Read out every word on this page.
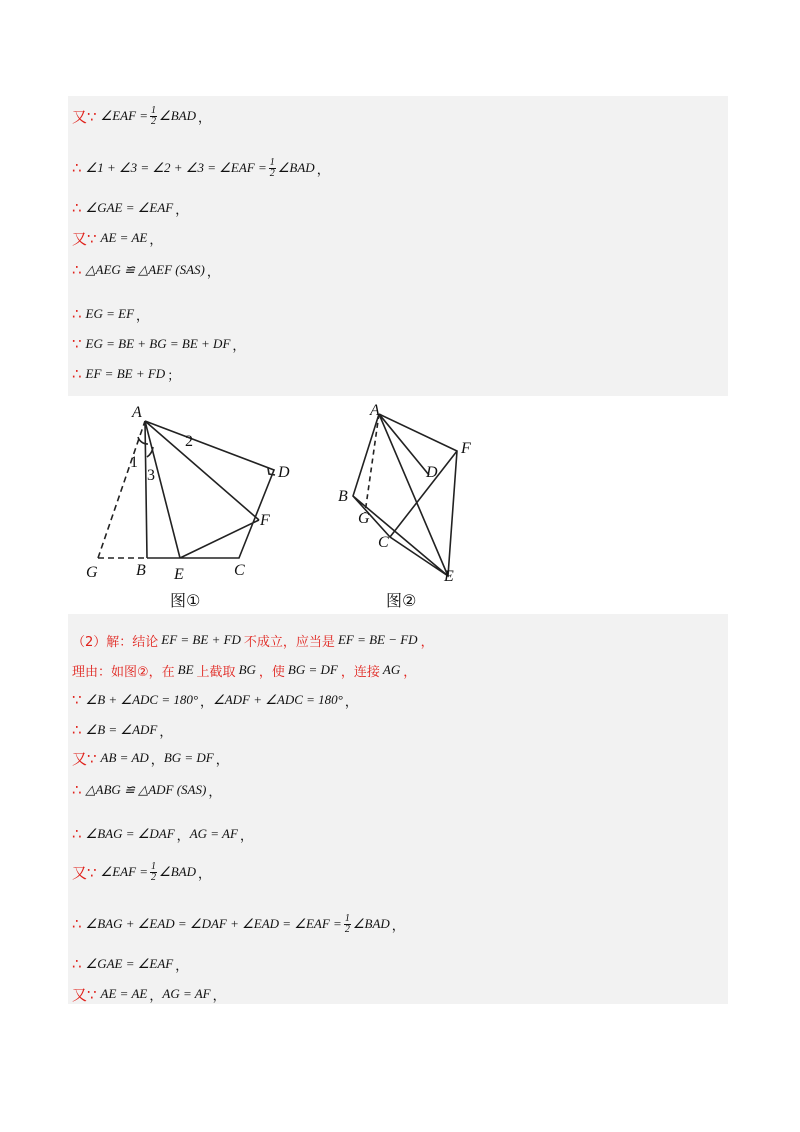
又∵ ∠EAF = $\frac{1}{2}$ ∠BAD ，
∴ ∠1 + ∠3 = ∠2 + ∠3 = ∠EAF = $\frac{1}{2}$ ∠BAD ，
∴ ∠GAE = ∠EAF ，
又∵ AE = AE ，
∴ △AEG ≌ △AEF (SAS) ，
∴ EG = EF ，
∵ EG = BE + BG = BE + DF ，
∴ EF = BE + FD ；
A
B	C
D
E
F
G
1
2
3
A
B
C
D
E
F
G
图①	图②
（2）解：结论 EF = BE + FD 不成立，应当是 EF = BE − FD ，
理由：如图②，在 BE 上截取 BG ，使 BG = DF ，连接 AG ，
∵ ∠B + ∠ADC = 180° ， ∠ADF + ∠ADC = 180° ，
∴ ∠B = ∠ADF ，
又∵ AB = AD ， BG = DF ，
∴ △ABG ≌ △ADF (SAS) ，
∴ ∠BAG = ∠DAF ， AG = AF ，
又∵ ∠EAF = $\frac{1}{2}$ ∠BAD ，
∴ ∠BAG + ∠EAD = ∠DAF + ∠EAD = ∠EAF = $\frac{1}{2}$ ∠BAD ，
∴ ∠GAE = ∠EAF ，
又∵ AE = AE ， AG = AF ，
